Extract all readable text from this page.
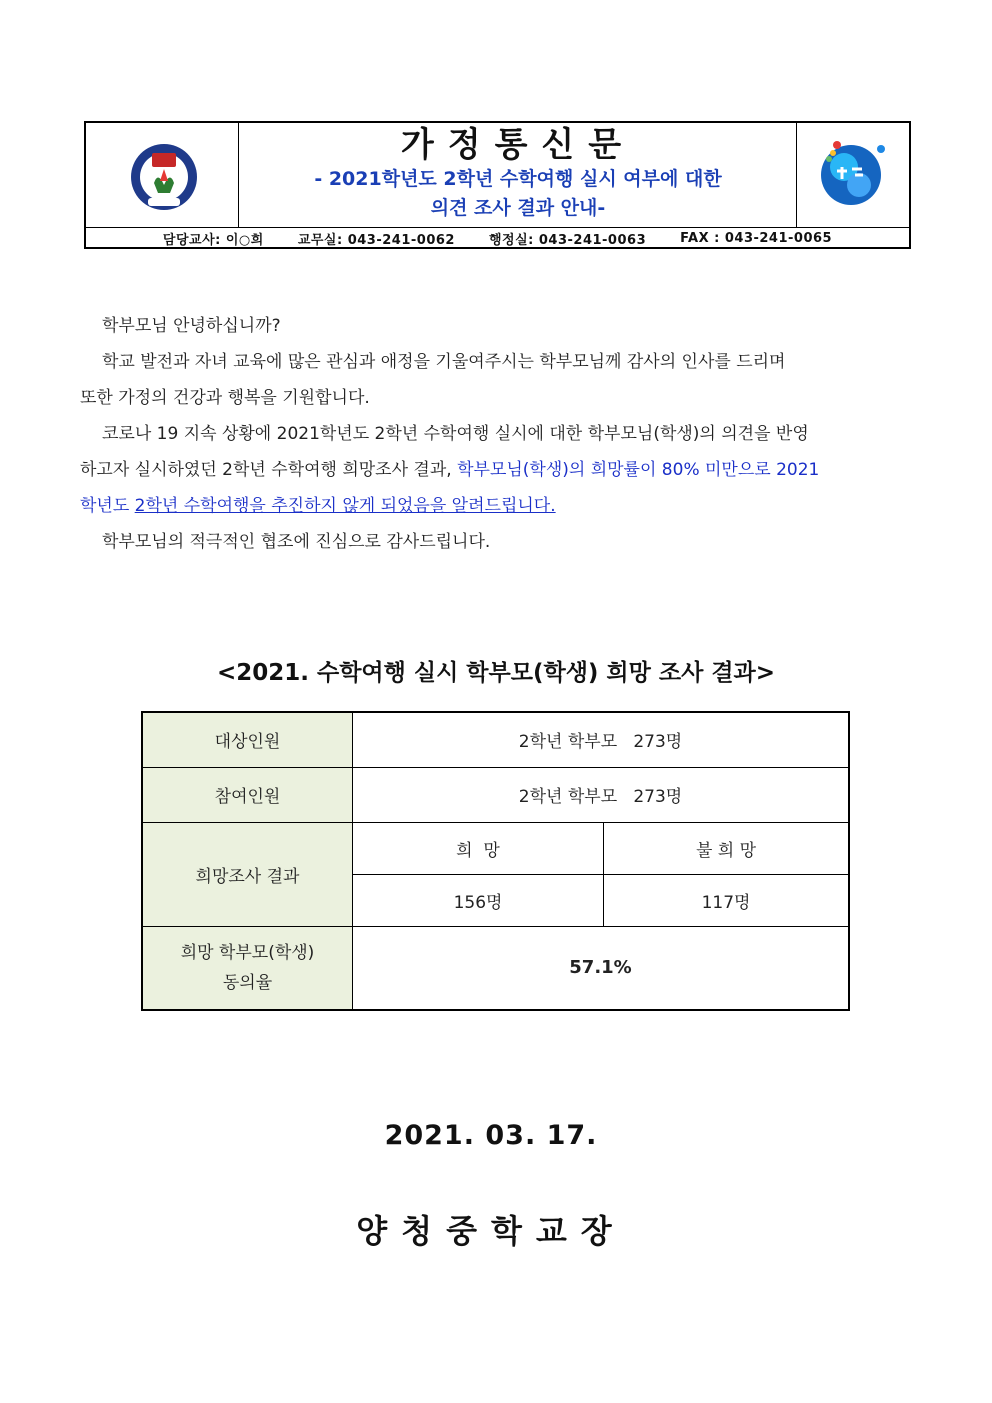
가정통신문
- 2021학년도 2학년 수학여행 실시 여부에 대한
의견 조사 결과 안내-
담당교사: 이○희	교무실: 043-241-0062	행정실: 043-241-0063	FAX : 043-241-0065

학부모님 안녕하십니까?

학교 발전과 자녀 교육에 많은 관심과 애정을 기울여주시는 학부모님께 감사의 인사를 드리며

또한 가정의 건강과 행복을 기원합니다.

코로나 19 지속 상황에 2021학년도 2학년 수학여행 실시에 대한 학부모님(학생)의 의견을 반영

하고자 실시하였던 2학년 수학여행 희망조사 결과, 학부모님(학생)의 희망률이 80% 미만으로 2021

학년도 2학년 수학여행을 추진하지 않게 되었음을 알려드립니다.

학부모님의 적극적인 협조에 진심으로 감사드립니다.

<2021. 수학여행 실시 학부모(학생) 희망 조사 결과>
대상인원	2학년 학부모   273명	
참여인원	2학년 학부모   273명	
희망조사 결과	희  망	불 희 망
	156명	117명

희망 학부모(학생)
동의율	57.1%	
2021. 03. 17.
양청중학교장
